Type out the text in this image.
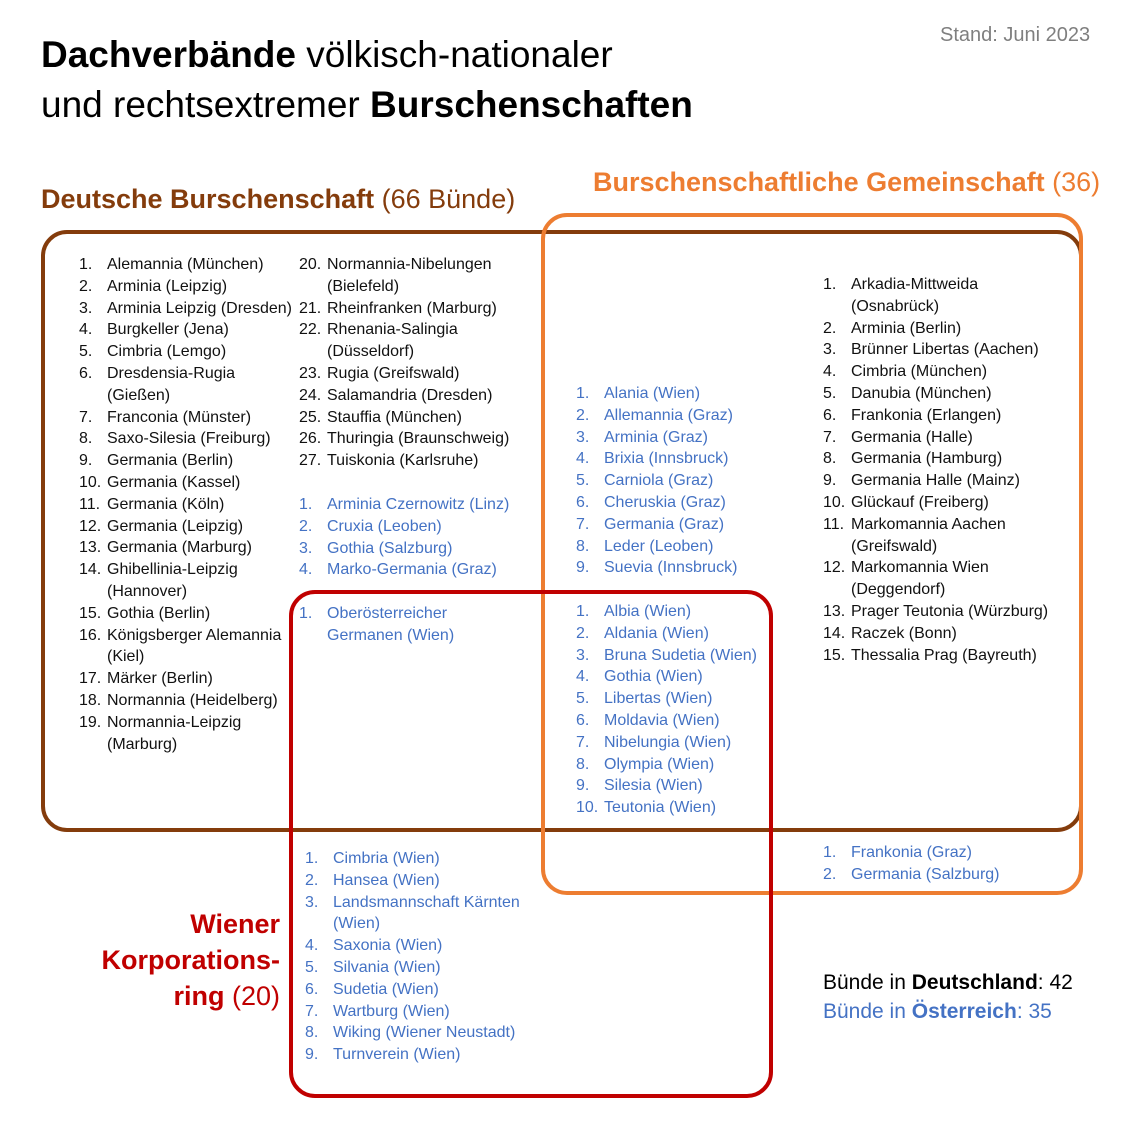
Dachverbände völkisch-nationaler
und rechtsextremer Burschenschaften
Stand: Juni 2023
Deutsche Burschenschaft (66 Bünde)
Burschenschaftliche Gemeinschaft (36)
Wiener
Korporations-
ring (20)
1. Alemannia (München)
2. Arminia (Leipzig)
3. Arminia Leipzig (Dresden)
4. Burgkeller (Jena)
5. Cimbria (Lemgo)
6. Dresdensia-Rugia (Gießen)
7. Franconia (Münster)
8. Saxo-Silesia (Freiburg)
9. Germania (Berlin)
10. Germania (Kassel)
11. Germania (Köln)
12. Germania (Leipzig)
13. Germania (Marburg)
14. Ghibellinia-Leipzig (Hannover)
15. Gothia (Berlin)
16. Königsberger Alemannia (Kiel)
17. Märker (Berlin)
18. Normannia (Heidelberg)
19. Normannia-Leipzig (Marburg)
20. Normannia-Nibelungen (Bielefeld)
21. Rheinfranken (Marburg)
22. Rhenania-Salingia (Düsseldorf)
23. Rugia (Greifswald)
24. Salamandria (Dresden)
25. Stauffia (München)
26. Thuringia (Braunschweig)
27. Tuiskonia (Karlsruhe)
1. Arminia Czernowitz (Linz)
2. Cruxia (Leoben)
3. Gothia (Salzburg)
4. Marko-Germania (Graz)
1. Oberösterreicher Germanen (Wien)
1. Alania (Wien)
2. Allemannia (Graz)
3. Arminia (Graz)
4. Brixia (Innsbruck)
5. Carniola (Graz)
6. Cheruskia (Graz)
7. Germania (Graz)
8. Leder (Leoben)
9. Suevia (Innsbruck)
1. Albia (Wien)
2. Aldania (Wien)
3. Bruna Sudetia (Wien)
4. Gothia (Wien)
5. Libertas (Wien)
6. Moldavia (Wien)
7. Nibelungia (Wien)
8. Olympia (Wien)
9. Silesia (Wien)
10. Teutonia (Wien)
1. Arkadia-Mittweida (Osnabrück)
2. Arminia (Berlin)
3. Brünner Libertas (Aachen)
4. Cimbria (München)
5. Danubia (München)
6. Frankonia (Erlangen)
7. Germania (Halle)
8. Germania (Hamburg)
9. Germania Halle (Mainz)
10. Glückauf (Freiberg)
11. Markomannia Aachen (Greifswald)
12. Markomannia Wien (Deggendorf)
13. Prager Teutonia (Würzburg)
14. Raczek (Bonn)
15. Thessalia Prag (Bayreuth)
1. Frankonia (Graz)
2. Germania (Salzburg)
1. Cimbria (Wien)
2. Hansea (Wien)
3. Landsmannschaft Kärnten (Wien)
4. Saxonia (Wien)
5. Silvania (Wien)
6. Sudetia (Wien)
7. Wartburg (Wien)
8. Wiking (Wiener Neustadt)
9. Turnverein (Wien)
Bünde in Deutschland: 42
Bünde in Österreich: 35
